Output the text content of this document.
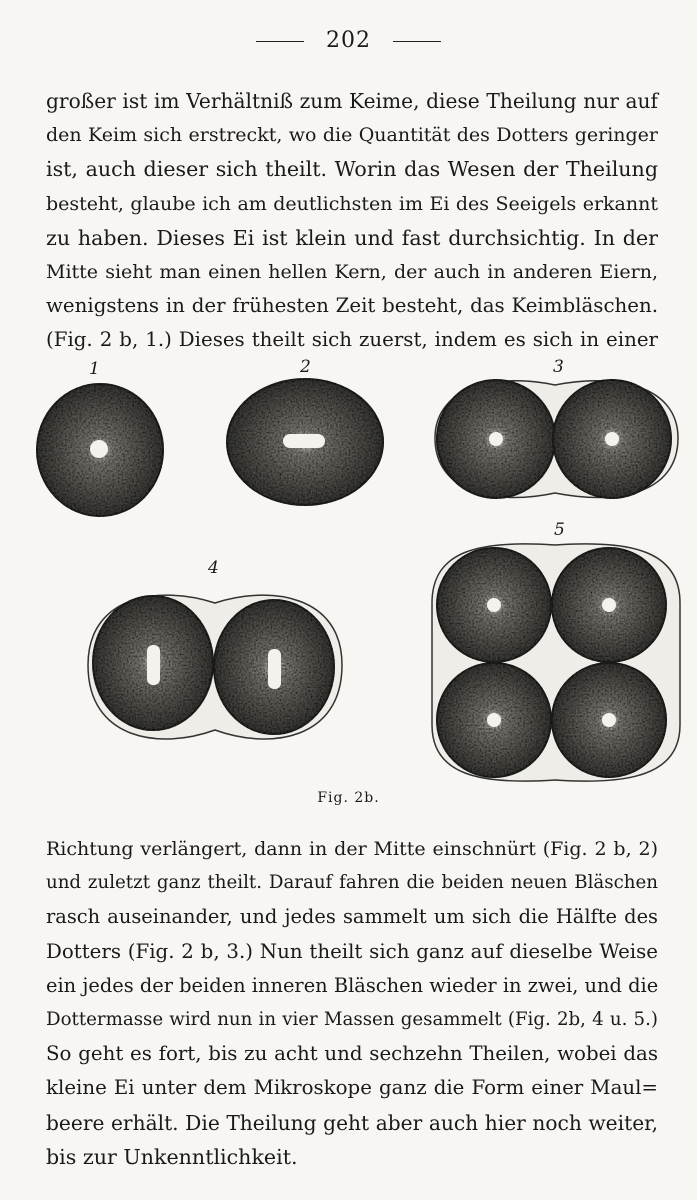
202
großer ist im Verhältniß zum Keime, diese Theilung nur auf
den Keim sich erstreckt, wo die Quantität des Dotters geringer
ist, auch dieser sich theilt. Worin das Wesen der Theilung
besteht, glaube ich am deutlichsten im Ei des Seeigels erkannt
zu haben. Dieses Ei ist klein und fast durchsichtig. In der
Mitte sieht man einen hellen Kern, der auch in anderen Eiern,
wenigstens in der frühesten Zeit besteht, das Keimbläschen.
(Fig. 2 b, 1.) Dieses theilt sich zuerst, indem es sich in einer
1	2	3
4
5
Fig. 2b.
Richtung verlängert, dann in der Mitte einschnürt (Fig. 2 b, 2)
und zuletzt ganz theilt. Darauf fahren die beiden neuen Bläschen
rasch auseinander, und jedes sammelt um sich die Hälfte des
Dotters (Fig. 2 b, 3.) Nun theilt sich ganz auf dieselbe Weise
ein jedes der beiden inneren Bläschen wieder in zwei, und die
Dottermasse wird nun in vier Massen gesammelt (Fig. 2b, 4 u. 5.)
So geht es fort, bis zu acht und sechzehn Theilen, wobei das
kleine Ei unter dem Mikroskope ganz die Form einer Maul=
beere erhält. Die Theilung geht aber auch hier noch weiter,
bis zur Unkenntlichkeit.
